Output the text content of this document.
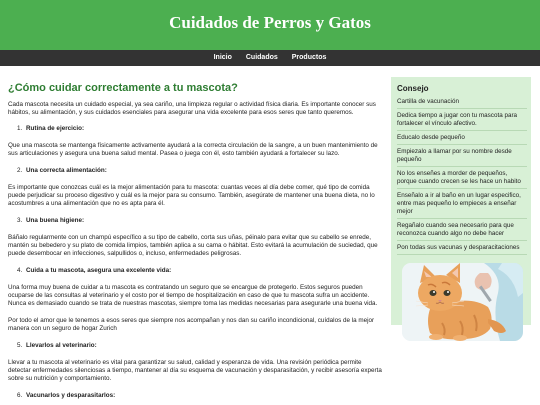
Cuidados de Perros y Gatos
Inicio	Cuidados	Productos
¿Cómo cuidar correctamente a tu mascota?

Cada mascota necesita un cuidado especial, ya sea cariño, una limpieza regular o actividad física diaria. Es importante conocer sus hábitos, su alimentación, y sus cuidados esenciales para asegurar una vida excelente para esos seres que tanto queremos.

1. Rutina de ejercicio:

Que una mascota se mantenga físicamente activamente ayudará a la correcta circulación de la sangre, a un buen mantenimiento de sus articulaciones y asegura una buena salud mental. Pasea o juega con él, esto también ayudará a fortalecer su lazo.

2. Una correcta alimentación:

Es importante que conozcas cuál es la mejor alimentación para tu mascota: cuantas veces al día debe comer, qué tipo de comida puede perjudicar su proceso digestivo y cuál es la mejor para su consumo. También, asegúrate de mantener una buena dieta, no lo acostumbres a una alimentación que no es apta para él.

3. Una buena higiene:

Báñalo regularmente con un champú específico a su tipo de cabello, corta sus uñas, péinalo para evitar que su cabello se enrede, mantén su bebedero y su plato de comida limpios, también aplica a su cama o hábitat. Esto evitará la acumulación de suciedad, que puede desembocar en infecciones, salpullidos o, incluso, enfermedades peligrosas.

4. Cuida a tu mascota, asegura una excelente vida:

Una forma muy buena de cuidar a tu mascota es contratando un seguro que se encargue de protegerlo. Estos seguros pueden ocuparse de las consultas al veterinario y el costo por el tiempo de hospitalización en caso de que tu mascota sufra un accidente. Nunca es demasiado cuando se trata de nuestras mascotas, siempre toma las medidas necesarias para asegurarle una buena vida.

Por todo el amor que le tenemos a esos seres que siempre nos acompañan y nos dan su cariño incondicional, cuídalos de la mejor manera con un seguro de hogar Zurich

5. Llevarlos al veterinario:

Llevar a tu mascota al veterinario es vital para garantizar su salud, calidad y esperanza de vida. Una revisión periódica permite detectar enfermedades silenciosas a tiempo, mantener al día su esquema de vacunación y desparasitación, y recibir asesoría experta sobre su nutrición y comportamiento.

6. Vacunarlos y desparasitarlos:
Consejo
Cartilla de vacunación
Dedica tiempo a jugar con tu mascota para fortalecer el vínculo afectivo.
Educalo desde pequeño
Empiezalo a llamar por su nombre desde pequeño
No los enseñes a morder de pequeños, porque cuando crecen se les hace un habito
Enseñalo a ir al baño en un lugar especifico, entre mas pequeño lo empieces a enseñar mejor
Regañalo cuando sea necesario para que reconozca cuando algo no debe hacer
Pon todas sus vacunas y desparacitaciones
